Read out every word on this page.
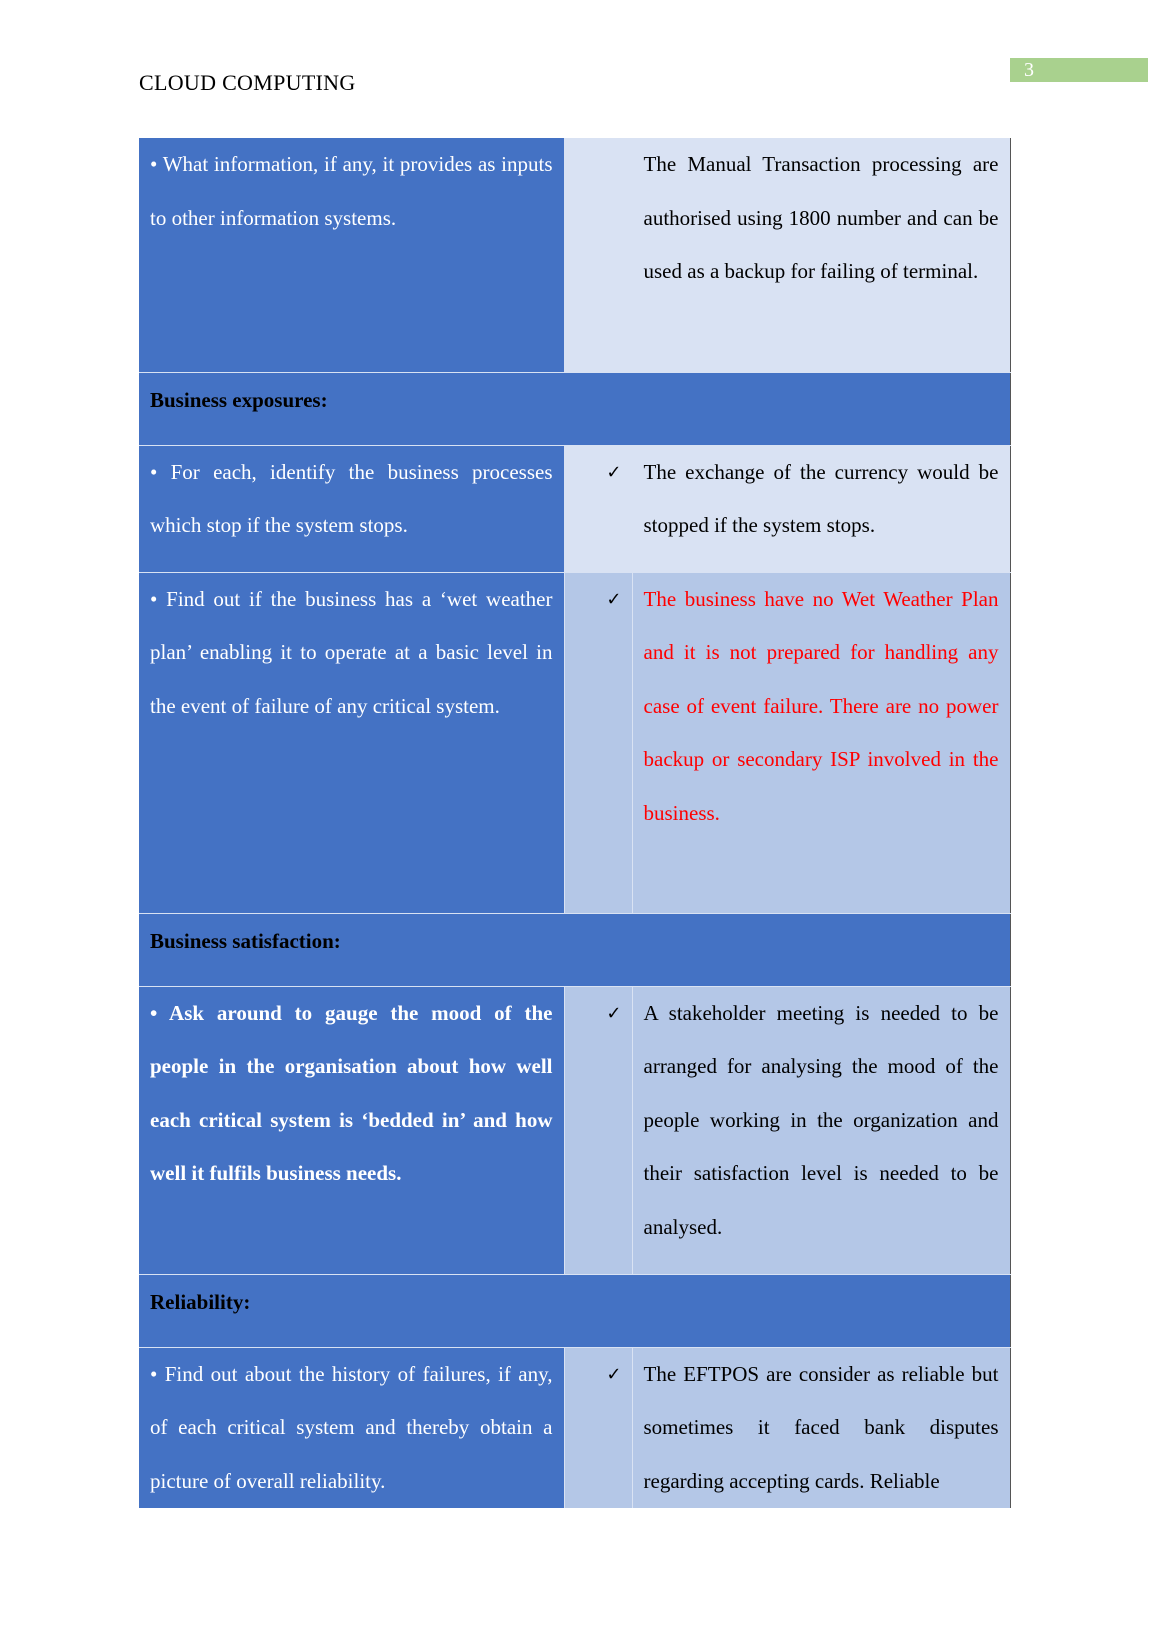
CLOUD COMPUTING	3
• What information, if any, it provides as inputs to other information systems.		The Manual Transaction processing are authorised using 1800 number and can be used as a backup for failing of terminal.

Business exposures:		

• For each, identify the business processes which stop if the system stops.	✓	The exchange of the currency would be stopped if the system stops.

• Find out if the business has a ‘wet weather plan’ enabling it to operate at a basic level in the event of failure of any critical system.	✓	The business have no Wet Weather Plan and it is not prepared for handling any case of event failure. There are no power backup or secondary ISP involved in the business.

Business satisfaction:		

• Ask around to gauge the mood of the people in the organisation about how well each critical system is ‘bedded in’ and how well it fulfils business needs.	✓	A stakeholder meeting is needed to be arranged for analysing the mood of the people working in the organization and their satisfaction level is needed to be analysed.

Reliability:		

• Find out about the history of failures, if any, of each critical system and thereby obtain a picture of overall reliability.	✓	The EFTPOS are consider as reliable but sometimes it faced bank disputes regarding accepting cards. Reliable
